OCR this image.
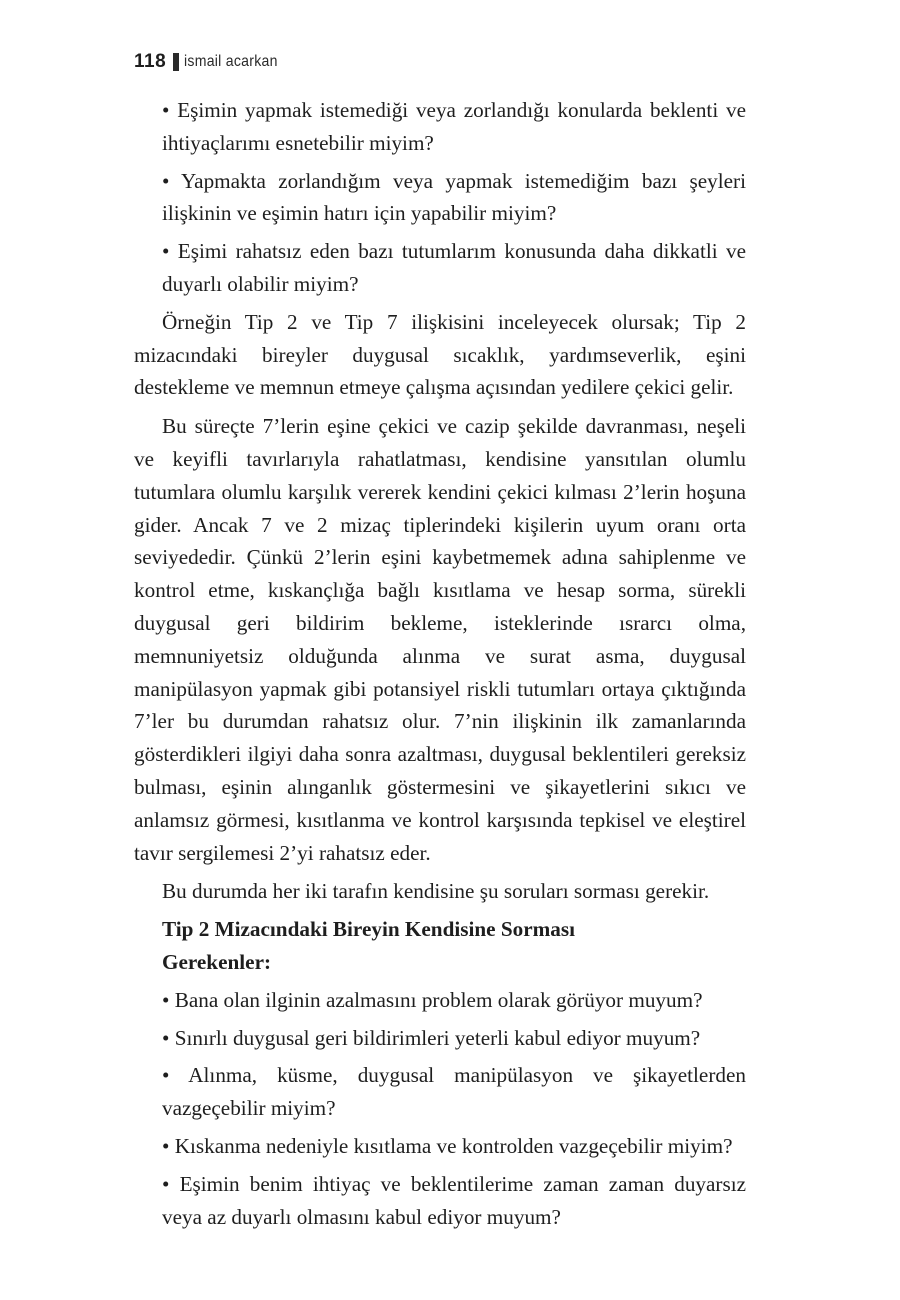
118 ismail acarkan

• Eşimin yapmak istemediği veya zorlandığı konularda beklenti ve ihtiyaçlarımı esnetebilir miyim?

• Yapmakta zorlandığım veya yapmak istemediğim bazı şeyleri ilişkinin ve eşimin hatırı için yapabilir miyim?

• Eşimi rahatsız eden bazı tutumlarım konusunda daha dikkatli ve duyarlı olabilir miyim?

Örneğin Tip 2 ve Tip 7 ilişkisini inceleyecek olursak; Tip 2 mizacındaki bireyler duygusal sıcaklık, yardımseverlik, eşini destekleme ve memnun etmeye çalışma açısından yedilere çekici gelir.

Bu süreçte 7’lerin eşine çekici ve cazip şekilde davranması, neşeli ve keyifli tavırlarıyla rahatlatması, kendisine yansıtılan olumlu tutumlara olumlu karşılık vererek kendini çekici kılması 2’lerin hoşuna gider. Ancak 7 ve 2 mizaç tiplerindeki kişilerin uyum oranı orta seviyededir. Çünkü 2’lerin eşini kaybetmemek adına sahiplenme ve kontrol etme, kıskançlığa bağlı kısıtlama ve hesap sorma, sürekli duygusal geri bildirim bekleme, isteklerinde ısrarcı olma, memnuniyetsiz olduğunda alınma ve surat asma, duygusal manipülasyon yapmak gibi potansiyel riskli tutumları ortaya çıktığında 7’ler bu durumdan rahatsız olur. 7’nin ilişkinin ilk zamanlarında gösterdikleri ilgiyi daha sonra azaltması, duygusal beklentileri gereksiz bulması, eşinin alınganlık göstermesini ve şikayetlerini sıkıcı ve anlamsız görmesi, kısıtlanma ve kontrol karşısında tepkisel ve eleştirel tavır sergilemesi 2’yi rahatsız eder.

Bu durumda her iki tarafın kendisine şu soruları sorması gerekir.

Tip 2 Mizacındaki Bireyin Kendisine Sorması

Gerekenler:

• Bana olan ilginin azalmasını problem olarak görüyor muyum?

• Sınırlı duygusal geri bildirimleri yeterli kabul ediyor muyum?

• Alınma, küsme, duygusal manipülasyon ve şikayetlerden vazgeçebilir miyim?

• Kıskanma nedeniyle kısıtlama ve kontrolden vazgeçebilir miyim?

• Eşimin benim ihtiyaç ve beklentilerime zaman zaman duyarsız veya az duyarlı olmasını kabul ediyor muyum?
